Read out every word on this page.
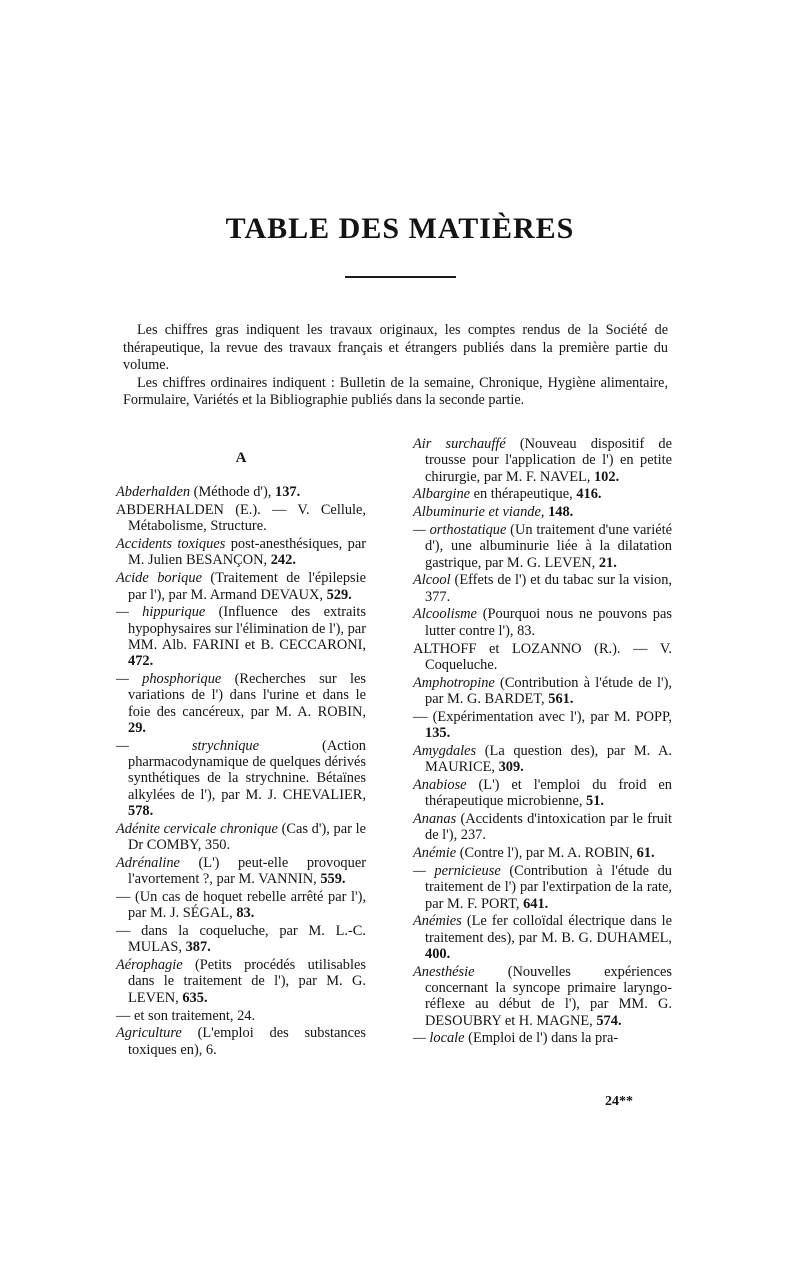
TABLE DES MATIÈRES

Les chiffres gras indiquent les travaux originaux, les comptes rendus de la Société de thérapeutique, la revue des travaux français et étrangers publiés dans la première partie du volume.

Les chiffres ordinaires indiquent : Bulletin de la semaine, Chronique, Hygiène alimentaire, Formulaire, Variétés et la Bibliographie publiés dans la seconde partie.

A
Abderhalden (Méthode d'), 137.
ABDERHALDEN (E.). — V. Cellule, Métabolisme, Structure.
Accidents toxiques post-anesthésiques, par M. Julien BESANÇON, 242.
Acide borique (Traitement de l'épilepsie par l'), par M. Armand DEVAUX, 529.
— hippurique (Influence des extraits hypophysaires sur l'élimination de l'), par MM. Alb. FARINI et B. CECCARONI, 472.
— phosphorique (Recherches sur les variations de l') dans l'urine et dans le foie des cancéreux, par M. A. ROBIN, 29.
— strychnique (Action pharmacodynamique de quelques dérivés synthétiques de la strychnine. Bétaïnes alkylées de l'), par M. J. CHEVALIER, 578.
Adénite cervicale chronique (Cas d'), par le Dr COMBY, 350.
Adrénaline (L') peut-elle provoquer l'avortement ?, par M. VANNIN, 559.
— (Un cas de hoquet rebelle arrêté par l'), par M. J. SÉGAL, 83.
— dans la coqueluche, par M. L.-C. MULAS, 387.
Aérophagie (Petits procédés utilisables dans le traitement de l'), par M. G. LEVEN, 635.
— et son traitement, 24.
Agriculture (L'emploi des substances toxiques en), 6.
Air surchauffé (Nouveau dispositif de trousse pour l'application de l') en petite chirurgie, par M. F. NAVEL, 102.
Albargine en thérapeutique, 416.
Albuminurie et viande, 148.
— orthostatique (Un traitement d'une variété d'), une albuminurie liée à la dilatation gastrique, par M. G. LEVEN, 21.
Alcool (Effets de l') et du tabac sur la vision, 377.
Alcoolisme (Pourquoi nous ne pouvons pas lutter contre l'), 83.
ALTHOFF et LOZANNO (R.). — V. Coqueluche.
Amphotropine (Contribution à l'étude de l'), par M. G. BARDET, 561.
— (Expérimentation avec l'), par M. POPP, 135.
Amygdales (La question des), par M. A. MAURICE, 309.
Anabiose (L') et l'emploi du froid en thérapeutique microbienne, 51.
Ananas (Accidents d'intoxication par le fruit de l'), 237.
Anémie (Contre l'), par M. A. ROBIN, 61.
— pernicieuse (Contribution à l'étude du traitement de l') par l'extirpation de la rate, par M. F. PORT, 641.
Anémies (Le fer colloïdal électrique dans le traitement des), par M. B. G. DUHAMEL, 400.
Anesthésie (Nouvelles expériences concernant la syncope primaire laryngo-réflexe au début de l'), par MM. G. DESOUBRY et H. MAGNE, 574.
— locale (Emploi de l') dans la pra-
24**
